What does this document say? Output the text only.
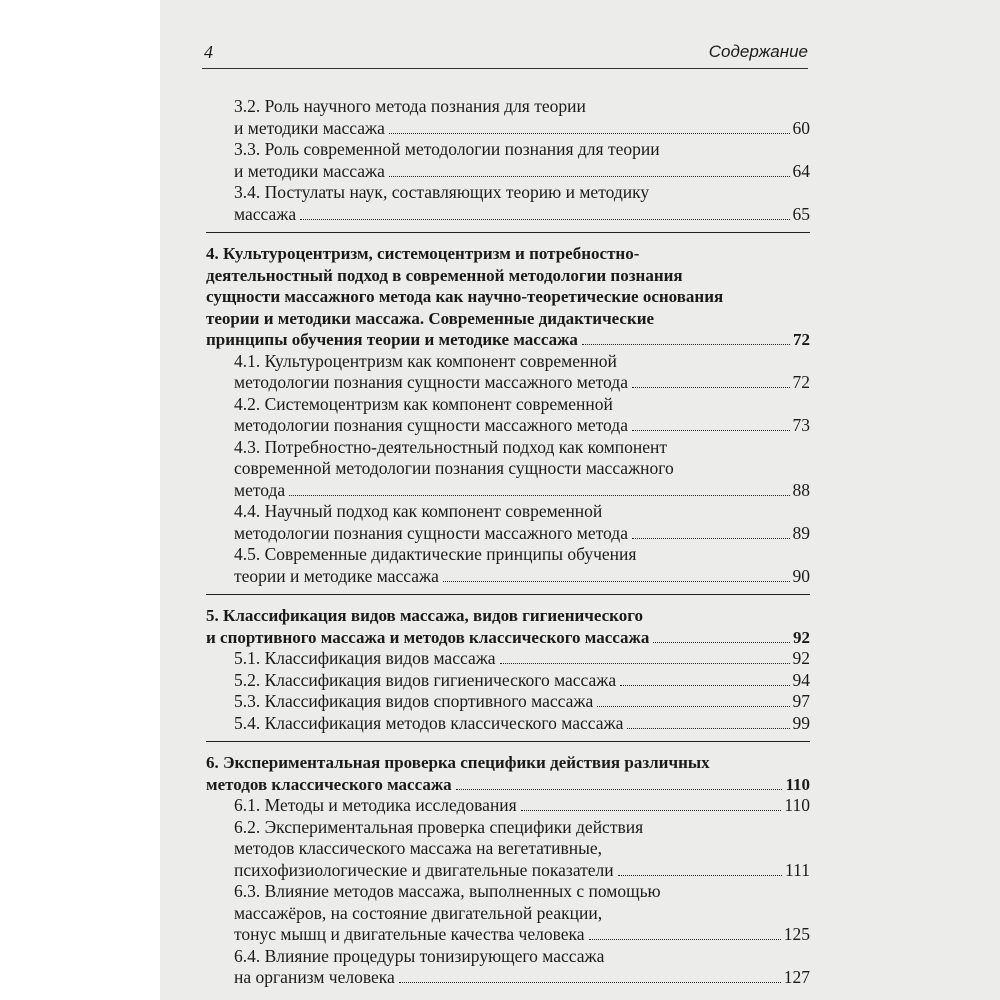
4	Содержание
3.2. Роль научного метода познания для теории
и методики массажа	60
3.3. Роль современной методологии познания для теории
и методики массажа	64
3.4. Постулаты наук, составляющих теорию и методику
массажа	65
4. Культуроцентризм, системоцентризм и потребностно-
деятельностный подход в современной методологии познания
сущности массажного метода как научно-теоретические основания
теории и методики массажа. Современные дидактические
принципы обучения теории и методике массажа	72
4.1. Культуроцентризм как компонент современной
методологии познания сущности массажного метода	72
4.2. Системоцентризм как компонент современной
методологии познания сущности массажного метода	73
4.3. Потребностно-деятельностный подход как компонент
современной методологии познания сущности массажного
метода	88
4.4. Научный подход как компонент современной
методологии познания сущности массажного метода	89
4.5. Современные дидактические принципы обучения
теории и методике массажа	90
5. Классификация видов массажа, видов гигиенического
и спортивного массажа и методов классического массажа	92
5.1. Классификация видов массажа	92
5.2. Классификация видов гигиенического массажа	94
5.3. Классификация видов спортивного массажа	97
5.4. Классификация методов классического массажа	99
6. Экспериментальная проверка специфики действия различных
методов классического массажа	110
6.1. Методы и методика исследования	110
6.2. Экспериментальная проверка специфики действия
методов классического массажа на вегетативные,
психофизиологические и двигательные показатели	111
6.3. Влияние методов массажа, выполненных с помощью
массажёров, на состояние двигательной реакции,
тонус мышц и двигательные качества человека	125
6.4. Влияние процедуры тонизирующего массажа
на организм человека	127
